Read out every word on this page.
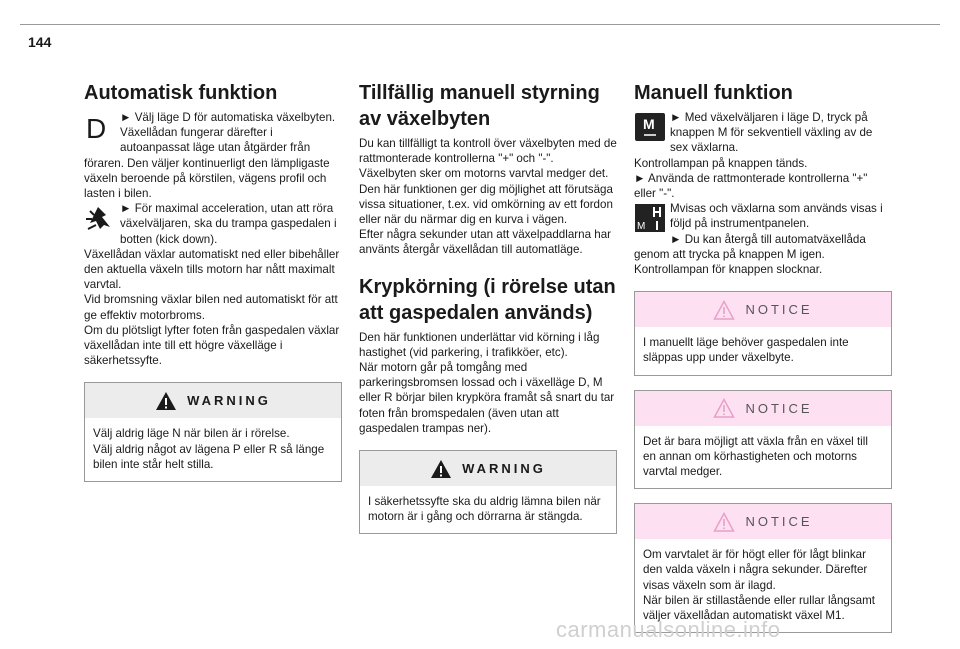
144
Automatisk funktion
D	► Välj läge D för automatiska växelbyten.

Växellådan fungerar därefter i autoanpassat läge utan åtgärder från föraren. Den väljer kontinuerligt den lämpligaste växeln beroende på körstilen, vägens profil och lasten i bilen.

► För maximal acceleration, utan att röra växelväljaren, ska du trampa gaspedalen i botten (kick down).

Växellådan växlar automatiskt ned eller bibehåller den aktuella växeln tills motorn har nått maximalt varvtal.

Vid bromsning växlar bilen ned automatiskt för att ge effektiv motorbroms.

Om du plötsligt lyfter foten från gaspedalen växlar växellådan inte till ett högre växelläge i säkerhetssyfte.

WARNING

Välj aldrig läge N när bilen är i rörelse.

Välj aldrig något av lägena P eller R så länge bilen inte står helt stilla.

Tillfällig manuell styrning av växelbyten

Du kan tillfälligt ta kontroll över växelbyten med de rattmonterade kontrollerna "+" och "-".

Växelbyten sker om motorns varvtal medger det.

Den här funktionen ger dig möjlighet att förutsäga vissa situationer, t.ex. vid omkörning av ett fordon eller när du närmar dig en kurva i vägen.

Efter några sekunder utan att växelpaddlarna har använts återgår växellådan till automatläge.

Krypkörning (i rörelse utan att gaspedalen används)

Den här funktionen underlättar vid körning i låg hastighet (vid parkering, i trafikköer, etc).

När motorn går på tomgång med parkeringsbromsen lossad och i växelläge D, M eller R börjar bilen krypköra framåt så snart du tar foten från bromspedalen (även utan att gaspedalen trampas ner).

WARNING

I säkerhetssyfte ska du aldrig lämna bilen när motorn är i gång och dörrarna är stängda.

Manuell funktion
M	► Med växelväljaren i läge D, tryck på knappen M för sekventiell växling av de sex växlarna.

Kontrollampan på knappen tänds.

► Använda de rattmonterade kontrollerna "+" eller "-".

M

Mvisas och växlarna som används visas i följd på instrumentpanelen.

► Du kan återgå till automatväxellåda genom att trycka på knappen M igen.

Kontrollampan för knappen slocknar.

NOTICE

I manuellt läge behöver gaspedalen inte släppas upp under växelbyte.

NOTICE

Det är bara möjligt att växla från en växel till en annan om körhastigheten och motorns varvtal medger.

NOTICE

Om varvtalet är för högt eller för lågt blinkar den valda växeln i några sekunder. Därefter visas växeln som är ilagd.

När bilen är stillastående eller rullar långsamt väljer växellådan automatiskt växel M1.

carmanualsonline.info
